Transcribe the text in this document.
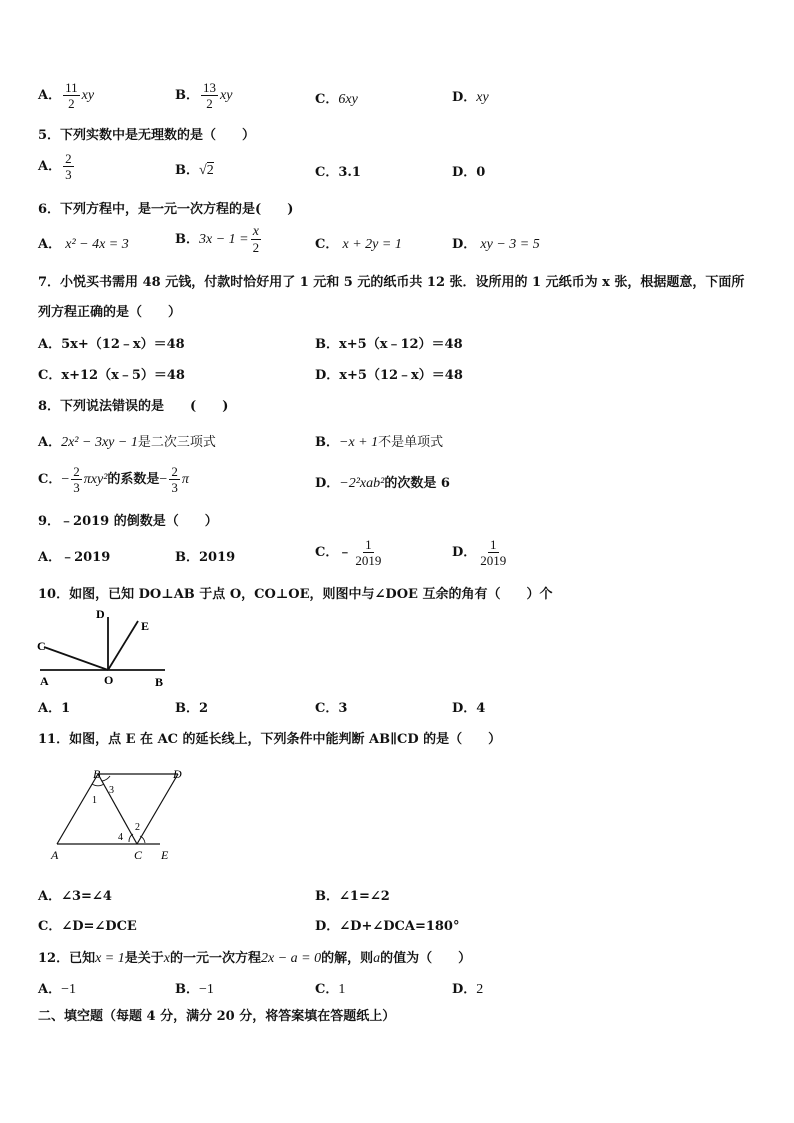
A． $\frac{11}{2}$ xy	B． $\frac{13}{2}$ xy	C．6xy	D．xy
5．下列实数中是无理数的是（　　）
A． $\frac{2}{3}$	B．√2	C．3.1	D．0
6．下列方程中，是一元一次方程的是(　　)
A． x² − 4x = 3	B．$3x - 1 = \frac{x}{2}$	C． x + 2y = 1	D． xy − 3 = 5
7．小悦买书需用 48 元钱，付款时恰好用了 1 元和 5 元的纸币共 12 张．设所用的 1 元纸币为 x 张，根据题意，下面所
列方程正确的是（　　）
A．5x+（12﹣x）＝48	B．x+5（x﹣12）＝48
C．x+12（x﹣5）＝48	D．x+5（12﹣x）＝48
8．下列说法错误的是　　(　　)
A．2x² − 3xy − 1是二次三项式	B．−x + 1不是单项式
C．− $\frac{2}{3} \pi xy^2$的系数是− $\frac{2}{3}$ π	D．−2²xab²的次数是 6
9．﹣2019 的倒数是（　　）
A．﹣2019	B．2019	C．﹣ $\frac{1}{2019}$	D． $\frac{1}{2019}$
10．如图，已知 DO⊥AB 于点 O，CO⊥OE，则图中与∠DOE 互余的角有（　　）个
D
E
C
A	O	B
A．1	B．2	C．3	D．4
11．如图，点 E 在 AC 的延长线上，下列条件中能判断 AB∥CD 的是（　　）
B	D
A	C E
1
2
3
4
A．∠3=∠4	B．∠1=∠2
C．∠D=∠DCE	D．∠D+∠DCA=180°
12．已知x = 1是关于x的一元一次方程2x − a = 0的解，则a的值为（　　）
A．−1	B．−1	C．1	D．2
二、填空题（每题 4 分，满分 20 分，将答案填在答题纸上）
